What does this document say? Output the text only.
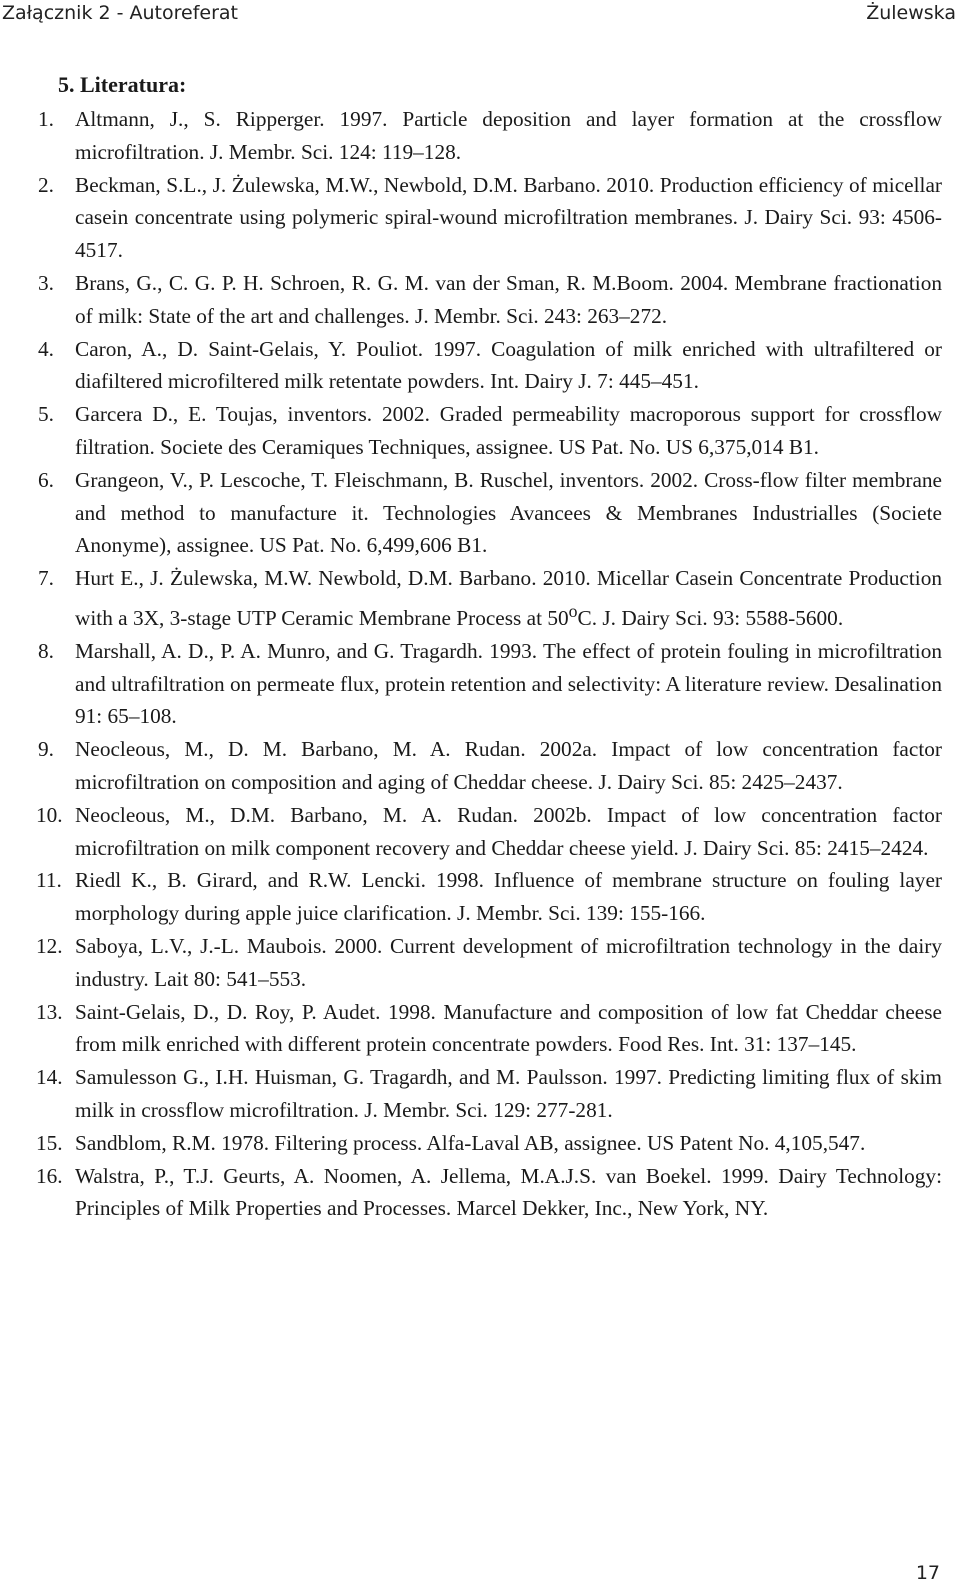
Załącznik 2 - Autoreferat	Żulewska
5. Literatura:
1. Altmann, J., S. Ripperger. 1997. Particle deposition and layer formation at the crossflow microfiltration. J. Membr. Sci. 124: 119–128.
2. Beckman, S.L., J. Żulewska, M.W., Newbold, D.M. Barbano. 2010. Production efficiency of micellar casein concentrate using polymeric spiral-wound microfiltration membranes. J. Dairy Sci. 93: 4506-4517.
3. Brans, G., C. G. P. H. Schroen, R. G. M. van der Sman, R. M.Boom. 2004. Membrane fractionation of milk: State of the art and challenges. J. Membr. Sci. 243: 263–272.
4. Caron, A., D. Saint-Gelais, Y. Pouliot. 1997. Coagulation of milk enriched with ultrafiltered or diafiltered microfiltered milk retentate powders. Int. Dairy J. 7: 445–451.
5. Garcera D., E. Toujas, inventors. 2002. Graded permeability macroporous support for crossflow filtration. Societe des Ceramiques Techniques, assignee. US Pat. No. US 6,375,014 B1.
6. Grangeon, V., P. Lescoche, T. Fleischmann, B. Ruschel, inventors. 2002. Cross-flow filter membrane and method to manufacture it. Technologies Avancees & Membranes Industrialles (Societe Anonyme), assignee. US Pat. No. 6,499,606 B1.
7. Hurt E., J. Żulewska, M.W. Newbold, D.M. Barbano. 2010. Micellar Casein Concentrate Production with a 3X, 3-stage UTP Ceramic Membrane Process at 50$^o$C. J. Dairy Sci. 93: 5588-5600.
8. Marshall, A. D., P. A. Munro, and G. Tragardh. 1993. The effect of protein fouling in microfiltration and ultrafiltration on permeate flux, protein retention and selectivity: A literature review. Desalination 91: 65–108.
9. Neocleous, M., D. M. Barbano, M. A. Rudan. 2002a. Impact of low concentration factor microfiltration on composition and aging of Cheddar cheese. J. Dairy Sci. 85: 2425–2437.
10. Neocleous, M., D.M. Barbano, M. A. Rudan. 2002b. Impact of low concentration factor microfiltration on milk component recovery and Cheddar cheese yield. J. Dairy Sci. 85: 2415–2424.
11. Riedl K., B. Girard, and R.W. Lencki. 1998. Influence of membrane structure on fouling layer morphology during apple juice clarification. J. Membr. Sci. 139: 155-166.
12. Saboya, L.V., J.-L. Maubois. 2000. Current development of microfiltration technology in the dairy industry. Lait 80: 541–553.
13. Saint-Gelais, D., D. Roy, P. Audet. 1998. Manufacture and composition of low fat Cheddar cheese from milk enriched with different protein concentrate powders. Food Res. Int. 31: 137–145.
14. Samulesson G., I.H. Huisman, G. Tragardh, and M. Paulsson. 1997. Predicting limiting flux of skim milk in crossflow microfiltration. J. Membr. Sci. 129: 277-281.
15. Sandblom, R.M. 1978. Filtering process. Alfa-Laval AB, assignee. US Patent No. 4,105,547.
16. Walstra, P., T.J. Geurts, A. Noomen, A. Jellema, M.A.J.S. van Boekel. 1999. Dairy Technology: Principles of Milk Properties and Processes. Marcel Dekker, Inc., New York, NY.
17
